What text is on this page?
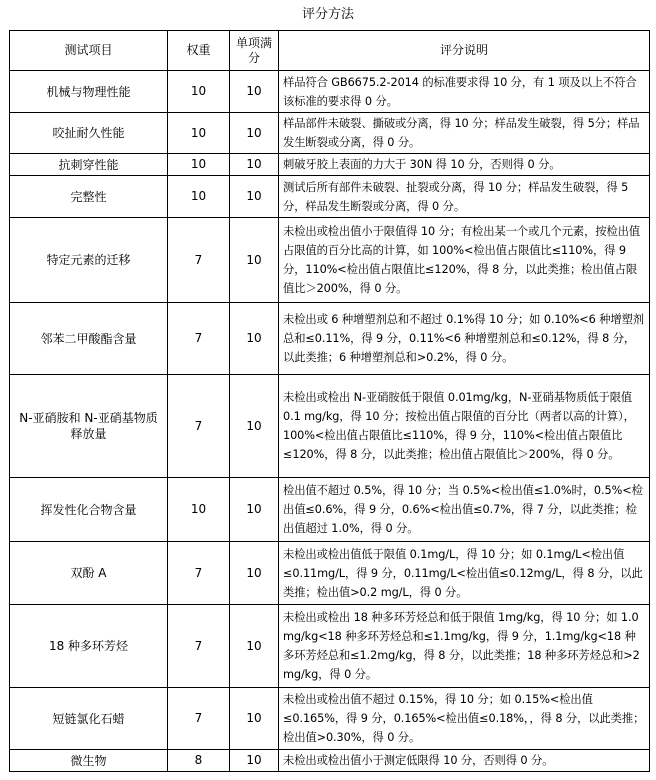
评分方法
测试项目	权重	单项满分	评分说明
机械与物理性能	10	10	样品符合 GB6675.2-2014 的标准要求得 10 分，有 1 项及以上不符合该标准的要求得 0 分。
咬扯耐久性能	10	10	样品部件未破裂、撕破或分离，得 10 分；样品发生破裂，得 5分；样品发生断裂或分离，得 0 分。
抗刺穿性能	10	10	刺破牙胶上表面的力大于 30N 得 10 分，否则得 0 分。
完整性	10	10	测试后所有部件未破裂、扯裂或分离，得 10 分；样品发生破裂，得 5 分，样品发生断裂或分离，得 0 分。
特定元素的迁移	7	10	未检出或检出值小于限值得 10 分；有检出某一个或几个元素，按检出值占限值的百分比高的计算，如 100%<检出值占限值比≤110%，得 9 分，110%<检出值占限值比≤120%，得 8 分，以此类推；检出值占限值比＞200%，得 0 分。
邻苯二甲酸酯含量	7	10	未检出或 6 种增塑剂总和不超过 0.1%得 10 分；如 0.10%<6 种增塑剂总和≤0.11%，得 9 分，0.11%<6 种增塑剂总和≤0.12%，得 8 分，以此类推；6 种增塑剂总和>0.2%，得 0 分。
N-亚硝胺和 N-亚硝基物质释放量	7	10	未检出或检出 N-亚硝胺低于限值 0.01mg/kg，N-亚硝基物质低于限值 0.1 mg/kg，得 10 分；按检出值占限值的百分比（两者以高的计算），100%<检出值占限值比≤110%，得 9 分，110%<检出值占限值比≤120%，得 8 分，以此类推；检出值占限值比＞200%，得 0 分。
挥发性化合物含量	10	10	检出值不超过 0.5%，得 10 分；当 0.5%<检出值≤1.0%时，0.5%<检出值≤0.6%，得 9 分，0.6%<检出值≤0.7%，得 7 分，以此类推；检出值超过 1.0%，得 0 分。
双酚 A	7	10	未检出或检出值低于限值 0.1mg/L，得 10 分；如 0.1mg/L<检出值≤0.11mg/L，得 9 分，0.11mg/L<检出值≤0.12mg/L，得 8 分，以此类推；检出值>0.2 mg/L，得 0 分。
18 种多环芳烃	7	10	未检出或检出 18 种多环芳烃总和低于限值 1mg/kg，得 10 分；如 1.0 mg/kg<18 种多环芳烃总和≤1.1mg/kg，得 9 分，1.1mg/kg<18 种多环芳烃总和≤1.2mg/kg，得 8 分，以此类推；18 种多环芳烃总和>2 mg/kg，得 0 分。
短链氯化石蜡	7	10	未检出或检出值不超过 0.15%，得 10 分；如 0.15%<检出值≤0.165%，得 9 分，0.165%<检出值≤0.18%，，得 8 分，以此类推；检出值>0.30%，得 0 分。
微生物	8	10	未检出或检出值小于测定低限得 10 分，否则得 0 分。
